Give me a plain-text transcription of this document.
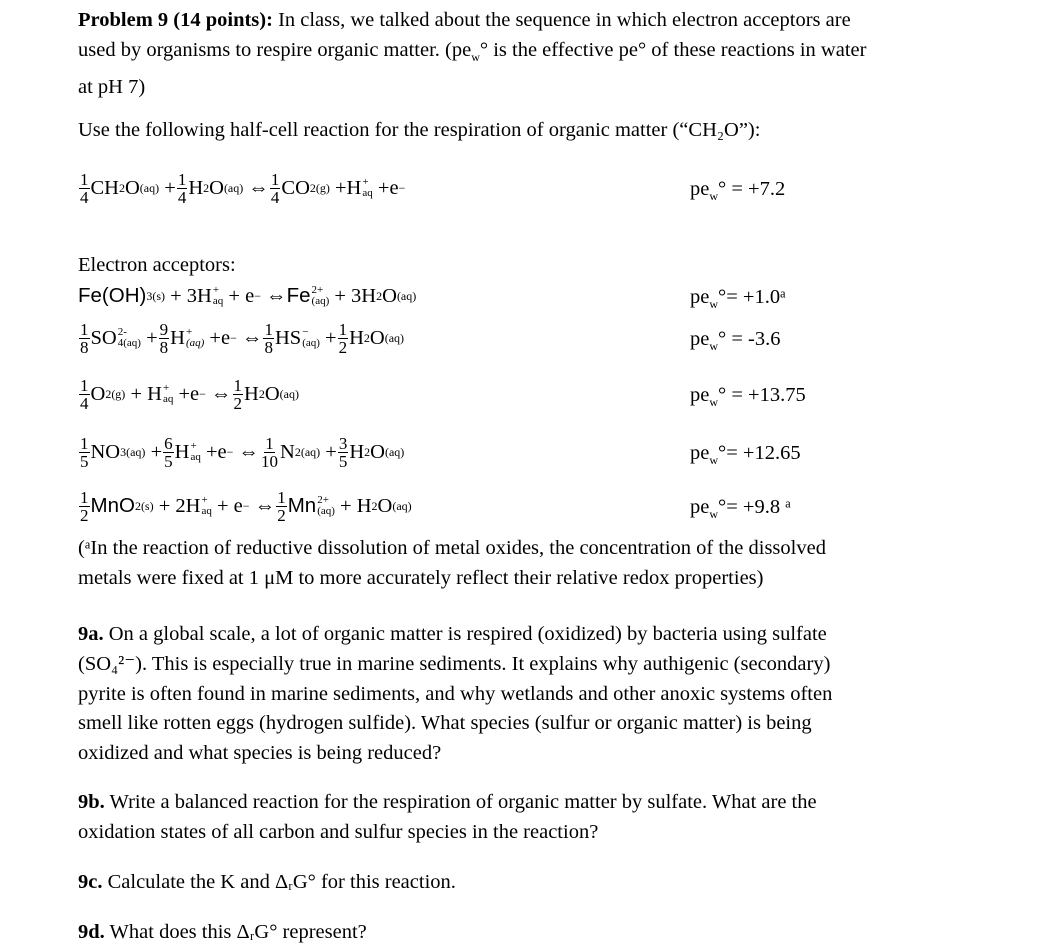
Problem 9 (14 points): In class, we talked about the sequence in which electron acceptors are
used by organisms to respire organic matter. ($pe_w^\circ$ is the effective pe° of these reactions in water
at pH 7)
Use the following half-cell reaction for the respiration of organic matter (“CH₂O”):
$\frac{1}{4}$ CH 2 O $(aq) + \frac{1}{4}$ H 2 O (aq) ⇔ $\frac{1}{4}$ CO 2(g) +H +
aq +e −	$pe_w^\circ = +7.2$
Electron acceptors:
Fe(OH) 3(s) + 3H +
aq + e − ⇔ Fe 2+
(aq) + 3H 2 O (aq)	$pe_w^\circ=$ +1.0ᵃ
$\frac{1}{8}$ SO 2-
$4(aq) + \frac{9}{8}$ H +
(aq) +e − ⇔ $\frac{1}{8}$ HS −
$(aq) + \frac{1}{2}$ H 2 O (aq)	$pe_w^\circ = -3.6$
$\frac{1}{4}$ O 2(g) + H +
aq +e − ⇔ $\frac{1}{2}$ H 2 O (aq)	$pe_w^\circ = +13.75$
$\frac{1}{5}$ NO $3(aq) + \frac{6}{5}$ H +
aq +e − ⇔ $\frac{1}{10}$ N $2(aq) + \frac{3}{5}$ H 2 O (aq)	$pe_w^\circ= +12.65$
$\frac{1}{2}$ MnO 2(s) + 2H +
aq + e − ⇔ $\frac{1}{2}$ Mn 2+
(aq) + H 2 O (aq)	$pe_w^\circ= +9.8$ ᵃ
(ᵃIn the reaction of reductive dissolution of metal oxides, the concentration of the dissolved
metals were fixed at 1 μM to more accurately reflect their relative redox properties)
9a. On a global scale, a lot of organic matter is respired (oxidized) by bacteria using sulfate
(SO₄²⁻). This is especially true in marine sediments. It explains why authigenic (secondary)
pyrite is often found in marine sediments, and why wetlands and other anoxic systems often
smell like rotten eggs (hydrogen sulfide). What species (sulfur or organic matter) is being
oxidized and what species is being reduced?
9b. Write a balanced reaction for the respiration of organic matter by sulfate. What are the
oxidation states of all carbon and sulfur species in the reaction?
9c. Calculate the K and ΔᵣG° for this reaction.
9d. What does this ΔᵣG° represent?
